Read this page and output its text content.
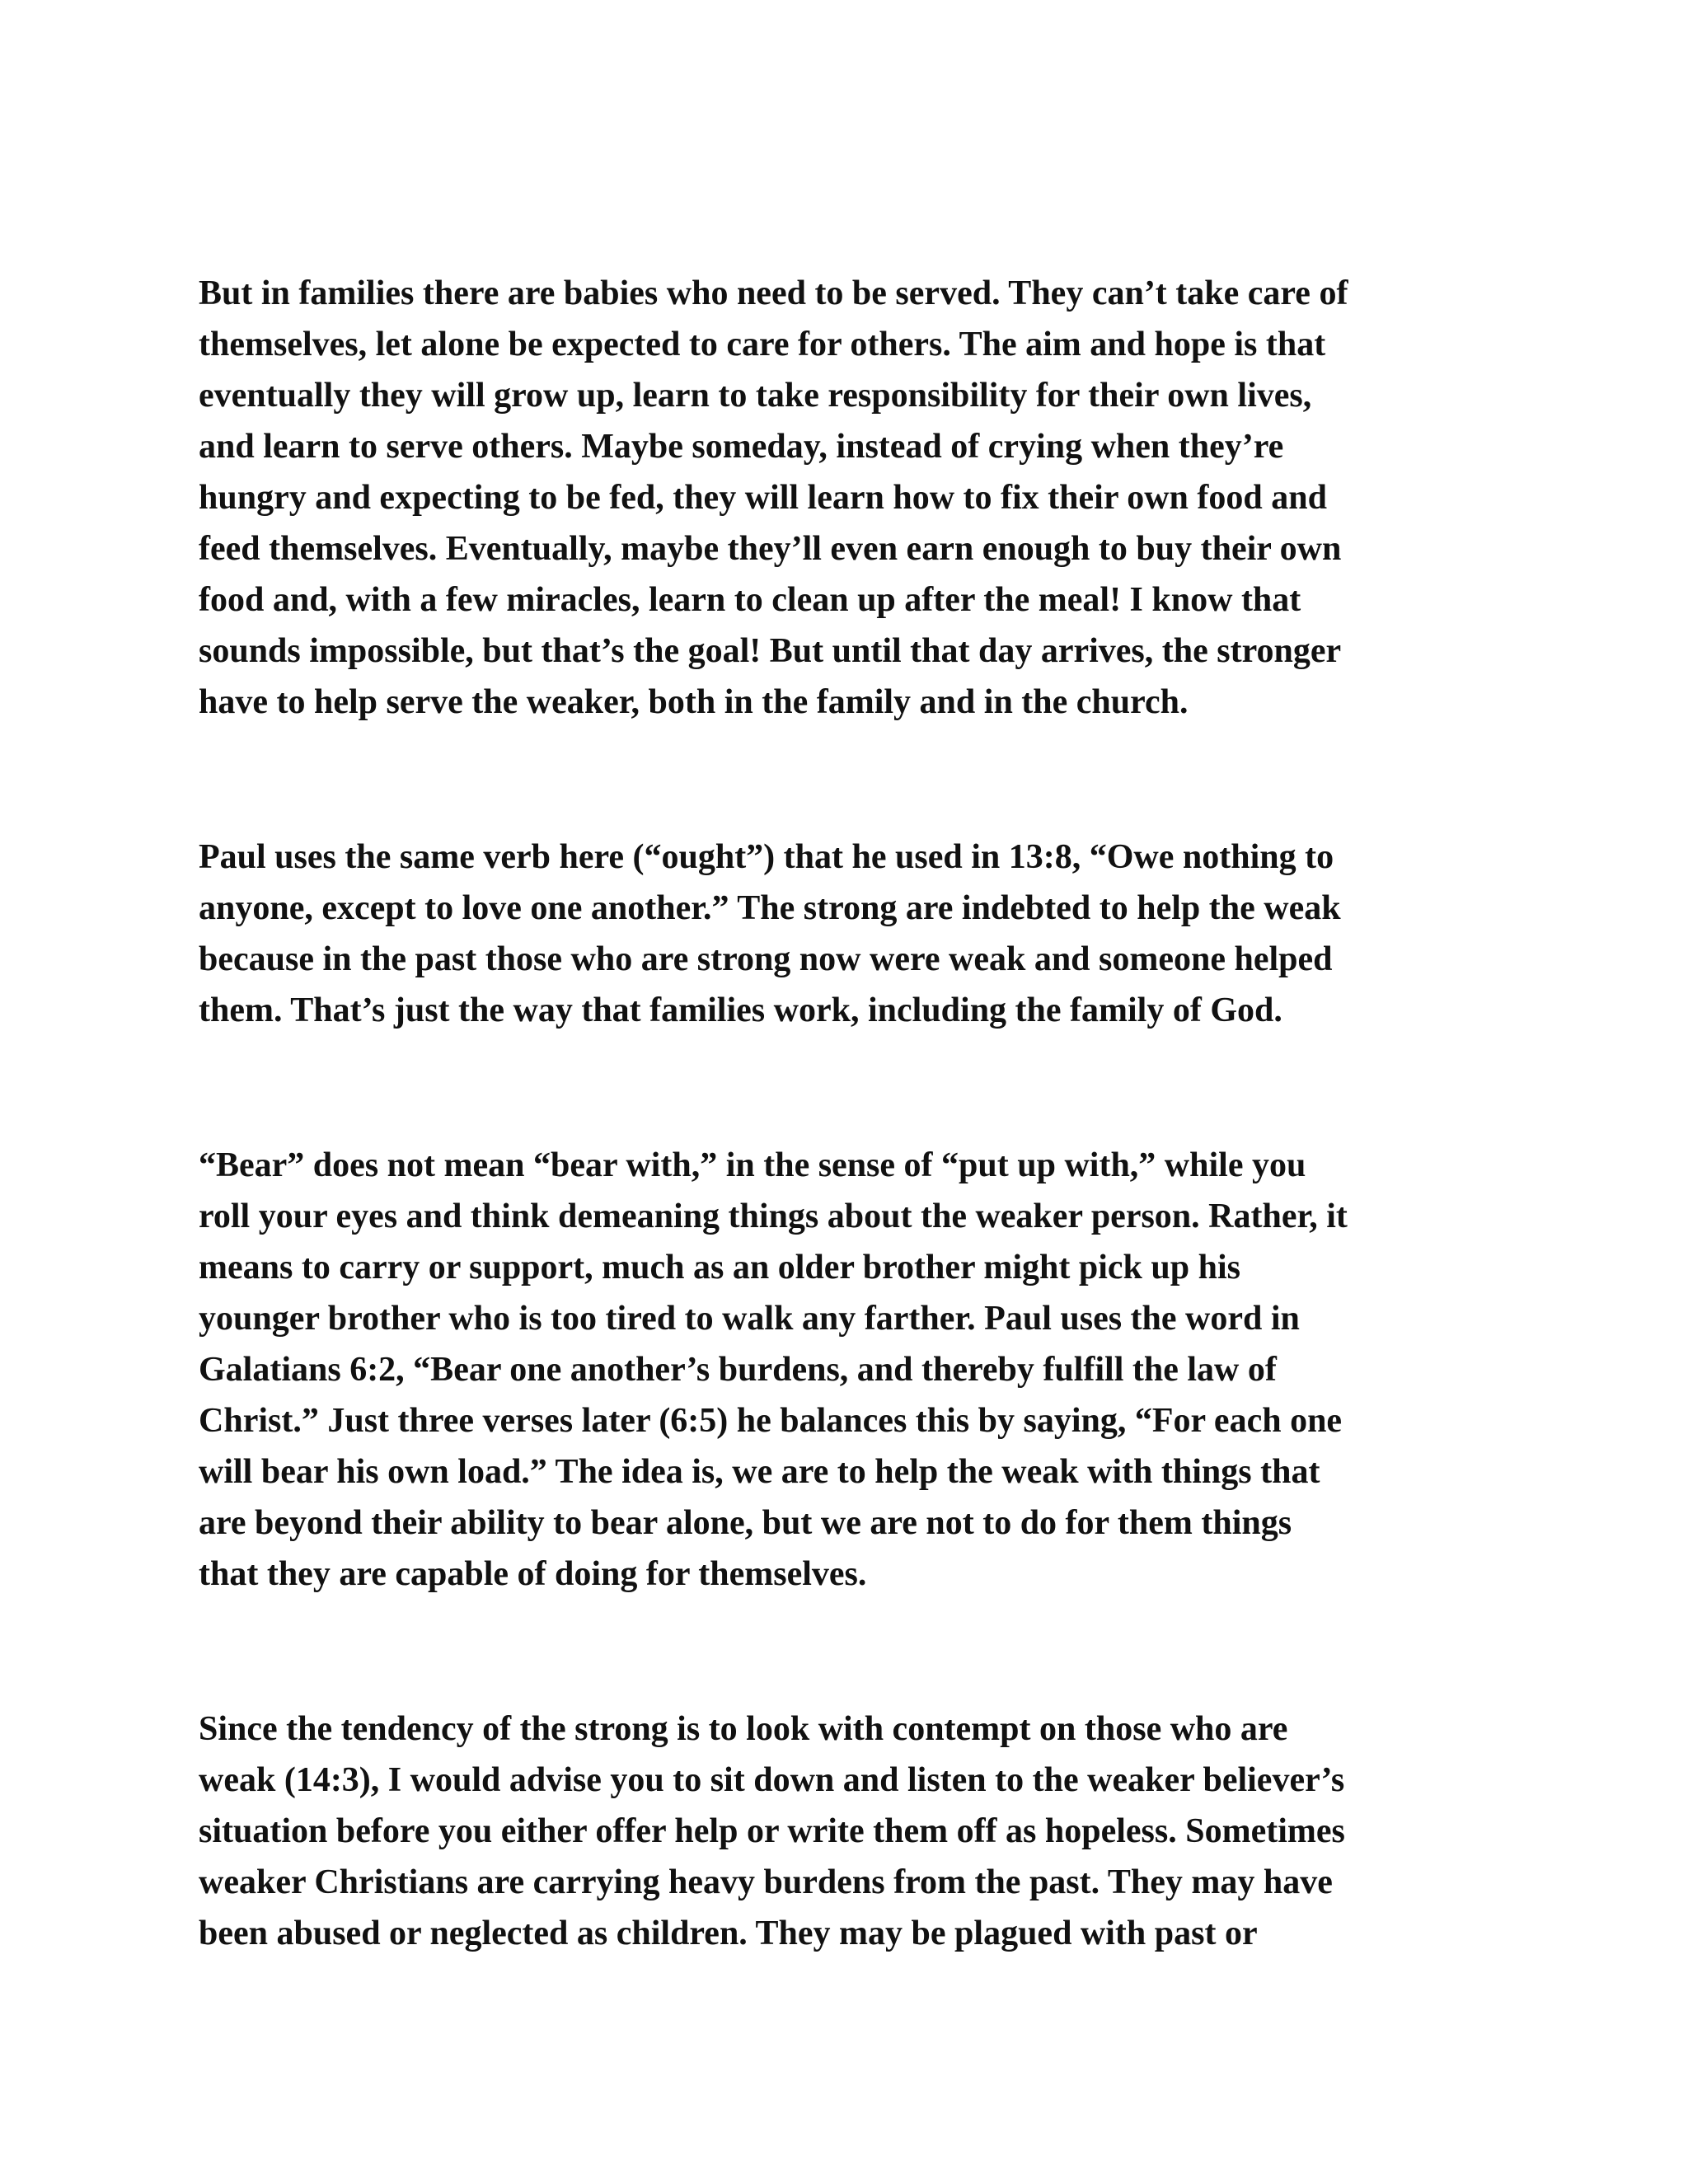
But in families there are babies who need to be served. They can’t take care of
themselves, let alone be expected to care for others. The aim and hope is that
eventually they will grow up, learn to take responsibility for their own lives,
and learn to serve others. Maybe someday, instead of crying when they’re
hungry and expecting to be fed, they will learn how to fix their own food and
feed themselves. Eventually, maybe they’ll even earn enough to buy their own
food and, with a few miracles, learn to clean up after the meal! I know that
sounds impossible, but that’s the goal! But until that day arrives, the stronger
have to help serve the weaker, both in the family and in the church.
Paul uses the same verb here (“ought”) that he used in 13:8, “Owe nothing to
anyone, except to love one another.” The strong are indebted to help the weak
because in the past those who are strong now were weak and someone helped
them. That’s just the way that families work, including the family of God.
“Bear” does not mean “bear with,” in the sense of “put up with,” while you
roll your eyes and think demeaning things about the weaker person. Rather, it
means to carry or support, much as an older brother might pick up his
younger brother who is too tired to walk any farther. Paul uses the word in
Galatians 6:2, “Bear one another’s burdens, and thereby fulfill the law of
Christ.” Just three verses later (6:5) he balances this by saying, “For each one
will bear his own load.” The idea is, we are to help the weak with things that
are beyond their ability to bear alone, but we are not to do for them things
that they are capable of doing for themselves.
Since the tendency of the strong is to look with contempt on those who are
weak (14:3), I would advise you to sit down and listen to the weaker believer’s
situation before you either offer help or write them off as hopeless. Sometimes
weaker Christians are carrying heavy burdens from the past. They may have
been abused or neglected as children. They may be plagued with past or
